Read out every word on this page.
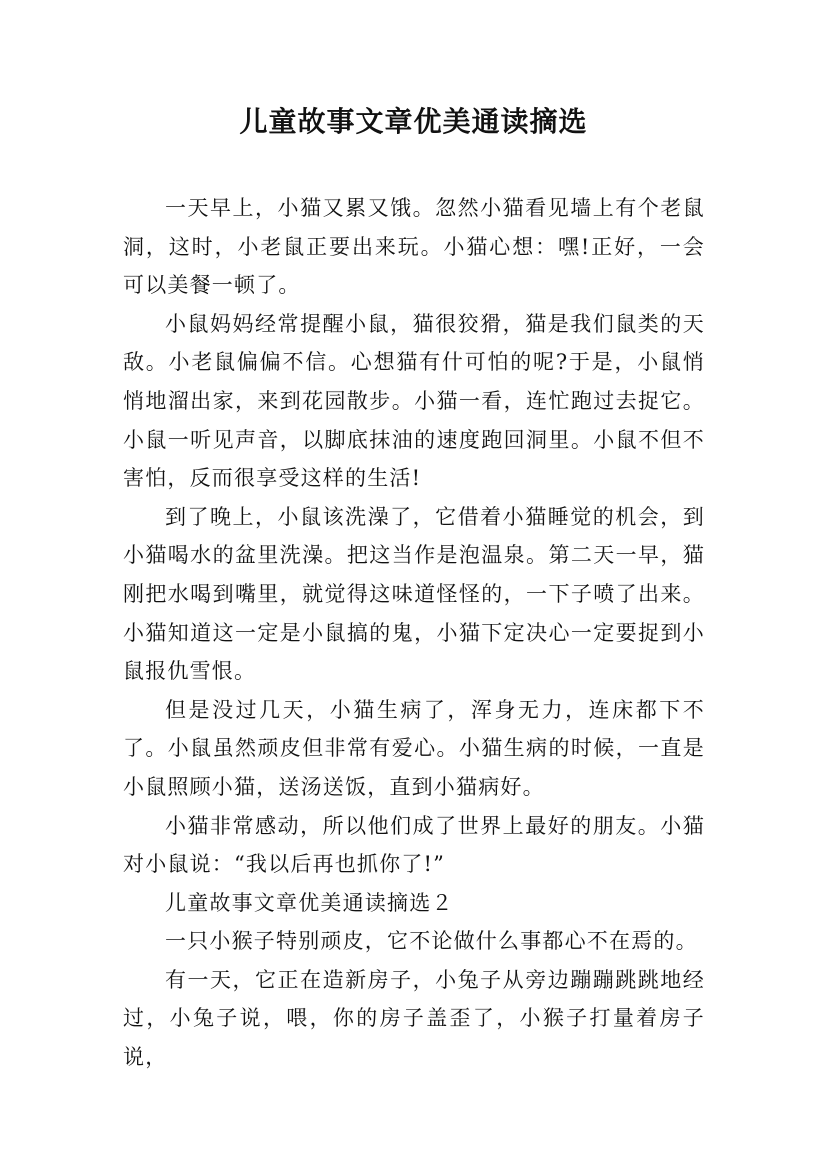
儿童故事文章优美通读摘选

一天早上，小猫又累又饿。忽然小猫看见墙上有个老鼠洞，这时，小老鼠正要出来玩。小猫心想：嘿!正好，一会可以美餐一顿了。

小鼠妈妈经常提醒小鼠，猫很狡猾，猫是我们鼠类的天敌。小老鼠偏偏不信。心想猫有什可怕的呢?于是，小鼠悄悄地溜出家，来到花园散步。小猫一看，连忙跑过去捉它。小鼠一听见声音，以脚底抹油的速度跑回洞里。小鼠不但不害怕，反而很享受这样的生活!

到了晚上，小鼠该洗澡了，它借着小猫睡觉的机会，到小猫喝水的盆里洗澡。把这当作是泡温泉。第二天一早，猫刚把水喝到嘴里，就觉得这味道怪怪的，一下子喷了出来。小猫知道这一定是小鼠搞的鬼，小猫下定决心一定要捉到小鼠报仇雪恨。

但是没过几天，小猫生病了，浑身无力，连床都下不了。小鼠虽然顽皮但非常有爱心。小猫生病的时候，一直是小鼠照顾小猫，送汤送饭，直到小猫病好。

小猫非常感动，所以他们成了世界上最好的朋友。小猫对小鼠说：“我以后再也抓你了!”

儿童故事文章优美通读摘选２

一只小猴子特别顽皮，它不论做什么事都心不在焉的。

有一天，它正在造新房子，小兔子从旁边蹦蹦跳跳地经过，小兔子说，喂，你的房子盖歪了，小猴子打量着房子说，
